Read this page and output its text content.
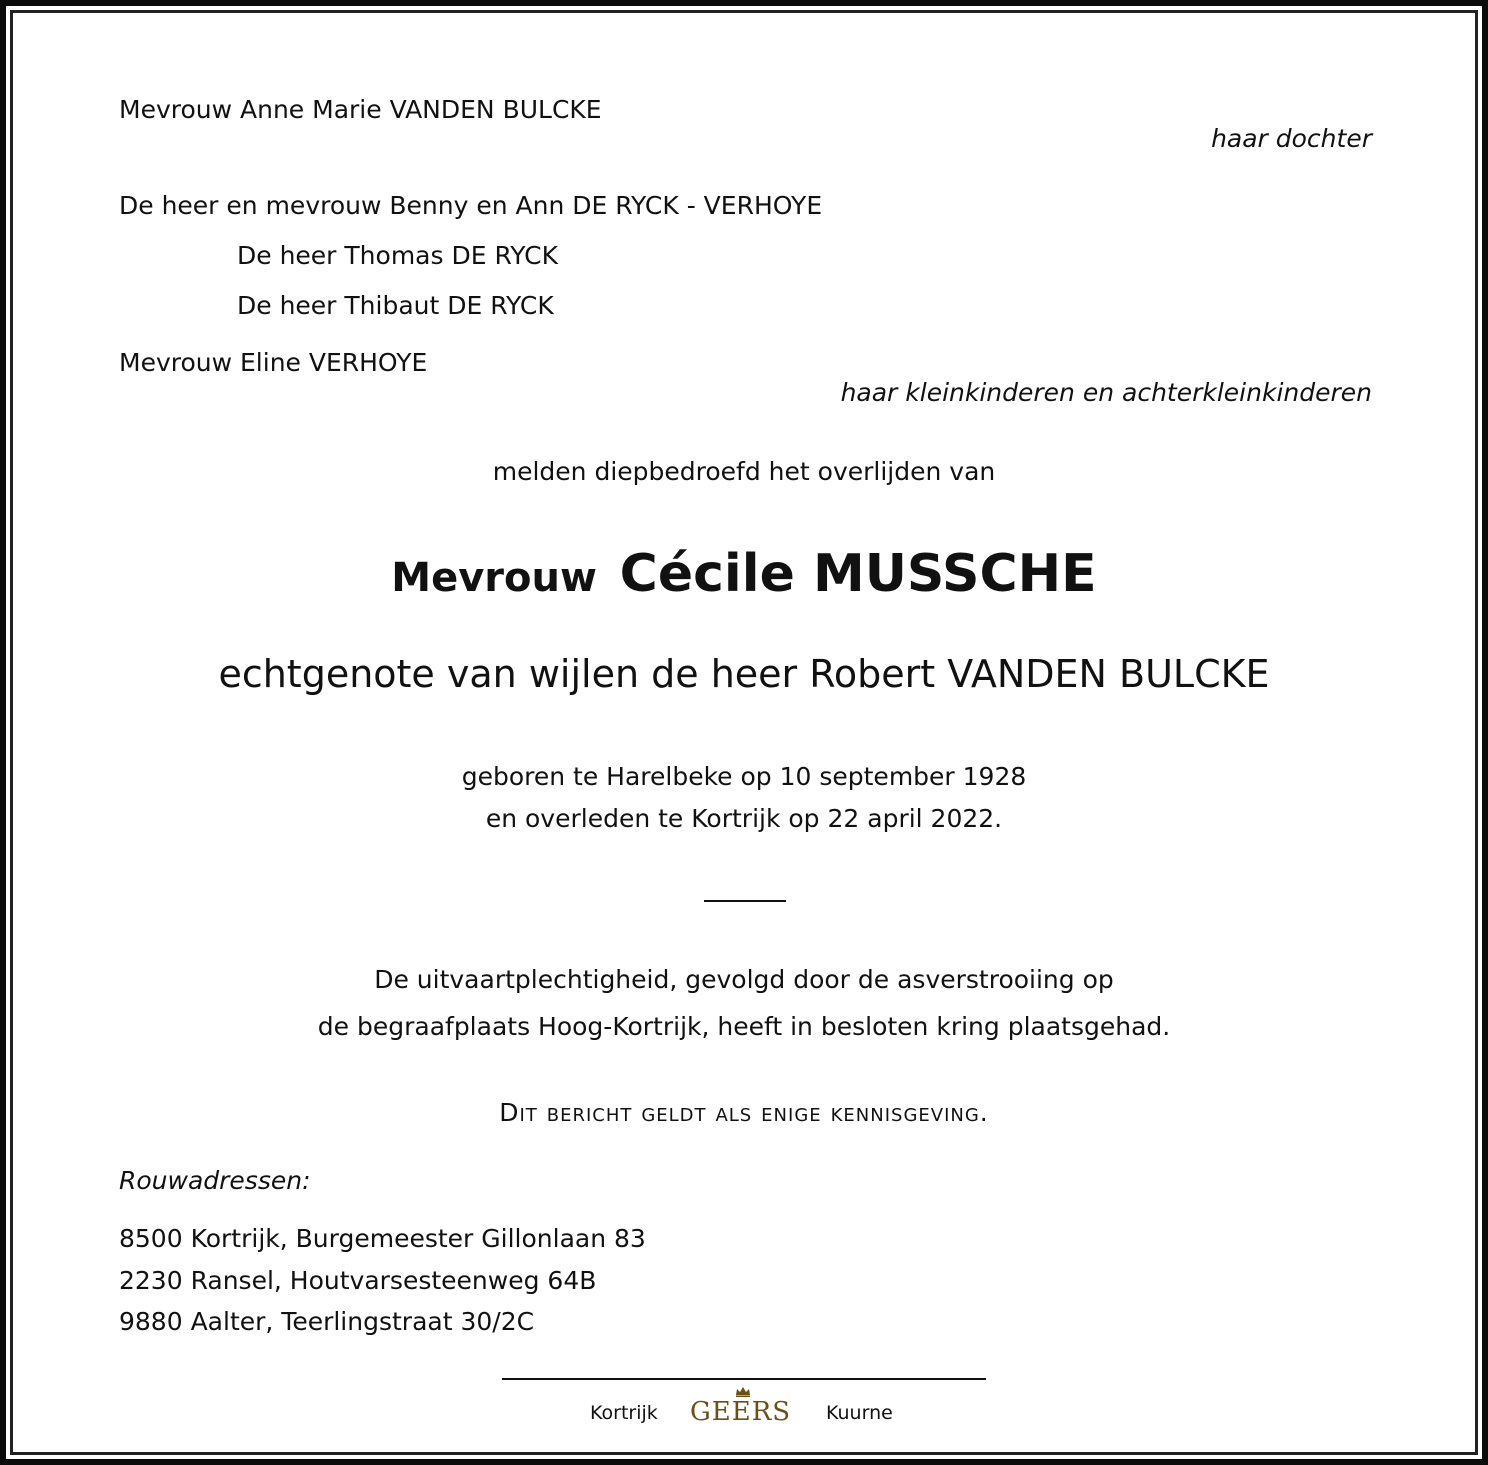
Mevrouw Anne Marie VANDEN BULCKE
haar dochter
De heer en mevrouw Benny en Ann DE RYCK - VERHOYE
De heer Thomas DE RYCK
De heer Thibaut DE RYCK
Mevrouw Eline VERHOYE
haar kleinkinderen en achterkleinkinderen
melden diepbedroefd het overlijden van
Mevrouw Cécile MUSSCHE
echtgenote van wijlen de heer Robert VANDEN BULCKE
geboren te Harelbeke op 10 september 1928
en overleden te Kortrijk op 22 april 2022.
De uitvaartplechtigheid, gevolgd door de asverstrooiing op
de begraafplaats Hoog-Kortrijk, heeft in besloten kring plaatsgehad.
Dit bericht geldt als enige kennisgeving.
Rouwadressen:
8500 Kortrijk, Burgemeester Gillonlaan 83
2230 Ransel, Houtvarsesteenweg 64B
9880 Aalter, Teerlingstraat 30/2C
Kortrijk GEERS Kuurne
